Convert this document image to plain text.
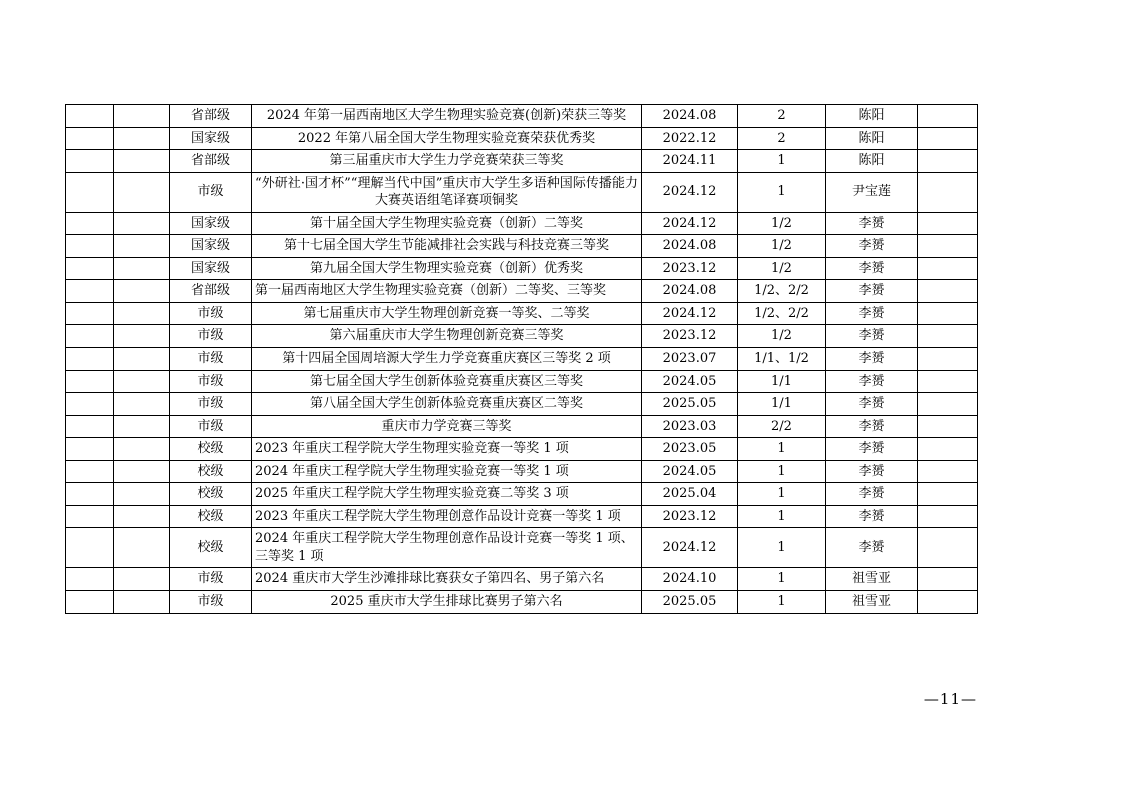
		省部级	2024 年第一届西南地区大学生物理实验竞赛(创新)荣获三等奖	2024.08	2	陈阳	
		国家级	2022 年第八届全国大学生物理实验竞赛荣获优秀奖	2022.12	2	陈阳	
		省部级	第三届重庆市大学生力学竞赛荣获三等奖	2024.11	1	陈阳	
		市级	“外研社·国才杯”“理解当代中国”重庆市大学生多语种国际传播能力大赛英语组笔译赛项铜奖	2024.12	1	尹宝莲	
		国家级	第十届全国大学生物理实验竞赛（创新）二等奖	2024.12	1/2	李赟	
		国家级	第十七届全国大学生节能减排社会实践与科技竞赛三等奖	2024.08	1/2	李赟	
		国家级	第九届全国大学生物理实验竞赛（创新）优秀奖	2023.12	1/2	李赟	
		省部级	第一届西南地区大学生物理实验竞赛（创新）二等奖、三等奖	2024.08	1/2、2/2	李赟	
		市级	第七届重庆市大学生物理创新竞赛一等奖、二等奖	2024.12	1/2、2/2	李赟	
		市级	第六届重庆市大学生物理创新竞赛三等奖	2023.12	1/2	李赟	
		市级	第十四届全国周培源大学生力学竞赛重庆赛区三等奖 2 项	2023.07	1/1、1/2	李赟	
		市级	第七届全国大学生创新体验竞赛重庆赛区三等奖	2024.05	1/1	李赟	
		市级	第八届全国大学生创新体验竞赛重庆赛区二等奖	2025.05	1/1	李赟	
		市级	重庆市力学竞赛三等奖	2023.03	2/2	李赟	
		校级	2023 年重庆工程学院大学生物理实验竞赛一等奖 1 项	2023.05	1	李赟	
		校级	2024 年重庆工程学院大学生物理实验竞赛一等奖 1 项	2024.05	1	李赟	
		校级	2025 年重庆工程学院大学生物理实验竞赛二等奖 3 项	2025.04	1	李赟	
		校级	2023 年重庆工程学院大学生物理创意作品设计竞赛一等奖 1 项	2023.12	1	李赟	
		校级	2024 年重庆工程学院大学生物理创意作品设计竞赛一等奖 1 项、三等奖 1 项	2024.12	1	李赟	
		市级	2024 重庆市大学生沙滩排球比赛获女子第四名、男子第六名	2024.10	1	祖雪亚	
		市级	2025 重庆市大学生排球比赛男子第六名	2025.05	1	祖雪亚	
—11—
